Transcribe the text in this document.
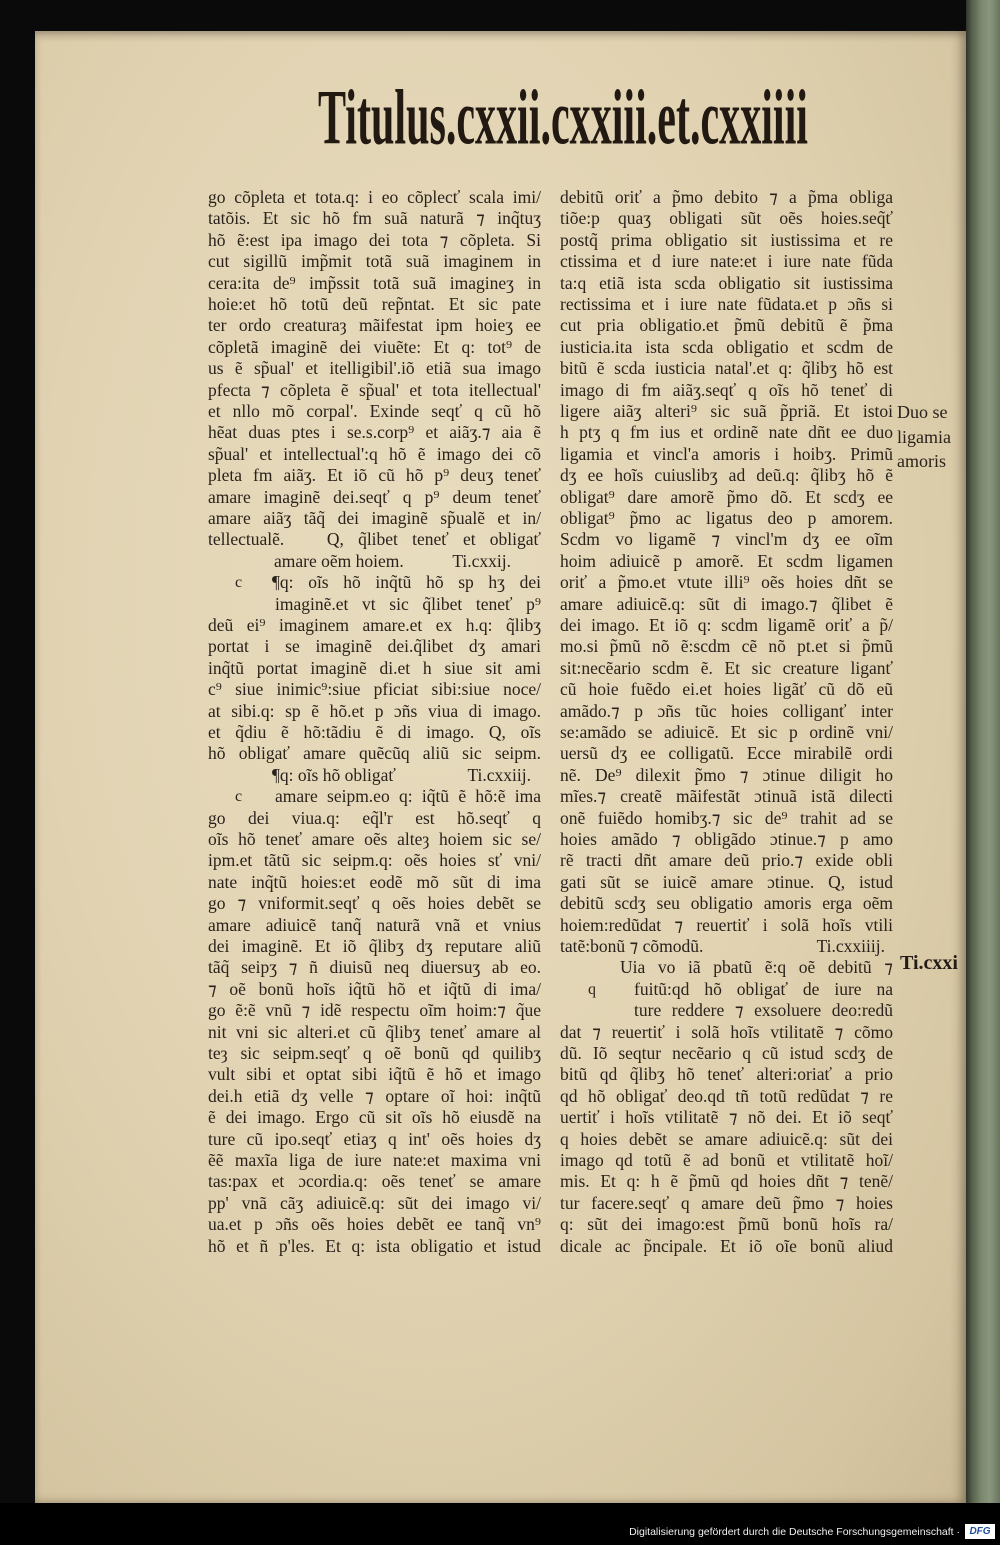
Titulus.cxxii.cxxiii.et.cxxiiii
go cõpleta et tota.q: i eo cõplecť scala imi/
tatõis. Et sic hõ fm suã naturã ⁊ inq̃tuʒ
hõ ẽ:est ipa imago dei tota ⁊ cõpleta. Si
cut sigillũ imp̃mit totã suã imaginem in
cera:ita de⁹ imp̃ssit totã suã imagineʒ in
hoie:et hõ totũ deũ rep̃ntat. Et sic pate
ter ordo creaturaȝ mãifestat ipm hoieʒ ee
cõpletã imaginẽ dei viuẽte: Et q: tot⁹ de
us ẽ sp̃ual' et itelligibil'.iõ etiã sua imago
pfecta ⁊ cõpleta ẽ sp̃ual' et tota itellectual'
et nllo mõ corpal'. Exinde seqť q cũ hõ
hẽat duas ptes i se.s.corp⁹ et aiãʒ.⁊ aia ẽ
sp̃ual' et intellectual':q hõ ẽ imago dei cõ
pleta fm aiãʒ. Et iõ cũ hõ p⁹ deuʒ teneť
amare imaginẽ dei.seqť q p⁹ deum teneť
amare aiãʒ tãq̃ dei imaginẽ sp̃ualẽ et in/
tellectualẽ.   Q, q̃libet teneť et obligať
amare oẽm hoiem.	Ti.cxxij.
c ¶q: oĩs hõ inq̃tũ hõ sp hʒ dei
imaginẽ.et vt sic q̃libet teneť p⁹
deũ ei⁹ imaginem amare.et ex h.q: q̃libʒ
portat i se imaginẽ dei.q̃libet dʒ amari
inq̃tũ portat imaginẽ di.et h siue sit ami
c⁹ siue inimic⁹:siue pficiat sibi:siue noce/
at sibi.q: sp ẽ hõ.et p ɔñs viua di imago.
et q̃diu ẽ hõ:tãdiu ẽ di imago. Q, oĩs
hõ obligať amare quẽcũq aliũ sic seipm.
¶q: oĩs hõ obligať	Ti.cxxiij.
c amare seipm.eo q: iq̃tũ ẽ hõ:ẽ ima
go dei viua.q: eq̃l'r est hõ.seqť q
oĩs hõ teneť amare oẽs alteȝ hoiem sic se/
ipm.et tãtũ sic seipm.q: oẽs hoies sť vni/
nate inq̃tũ hoies:et eodẽ mõ sũt di ima
go ⁊ vniformit.seqť q oẽs hoies debẽt se
amare adiuicẽ tanq̃ naturã vnã et vnius
dei imaginẽ. Et iõ q̃libʒ dʒ reputare aliũ
tãq̃ seipʒ ⁊ ñ diuisũ neq diuersuʒ ab eo.
⁊ oẽ bonũ hoĩs iq̃tũ hõ et iq̃tũ di ima/
go ẽ:ẽ vnũ ⁊ idẽ respectu oĩm hoim:⁊ q̃ue
nit vni sic alteri.et cũ q̃libʒ teneť amare al
teȝ sic seipm.seqť q oẽ bonũ qd quilibʒ
vult sibi et optat sibi iq̃tũ ẽ hõ et imago
dei.h etiã dʒ velle ⁊ optare oĩ hoi: inq̃tũ
ẽ dei imago. Ergo cũ sit oĩs hõ eiusdẽ na
ture cũ ipo.seqť etiaʒ q int' oẽs hoies dʒ
ẽẽ maxĩa liga de iure nate:et maxima vni
tas:pax et ɔcordia.q: oẽs teneť se amare
pp' vnã cãʒ adiuicẽ.q: sũt dei imago vi/
ua.et p ɔñs oẽs hoies debẽt ee tanq̃ vn⁹
hõ et ñ p'les. Et q: ista obligatio et istud
debitũ oriť a p̃mo debito ⁊ a p̃ma obliga
tiõe:p quaʒ obligati sũt oẽs hoies.seq̃ť
postq̃ prima obligatio sit iustissima et re
ctissima et d iure nate:et i iure nate fũda
ta:q etiã ista scda obligatio sit iustissima
rectissima et i iure nate fũdata.et p ɔñs si
cut pria obligatio.et p̃mũ debitũ ẽ p̃ma
iusticia.ita ista scda obligatio et scdm de
bitũ ẽ scda iusticia natal'.et q: q̃libʒ hõ est
imago di fm aiãʒ.seqť q oĩs hõ teneť di
ligere aiãʒ alteri⁹ sic suã p̃priã. Et istoi
h ptʒ q fm ius et ordinẽ nate dñt ee duo
ligamia et vincl'a amoris i hoibʒ. Primũ
dʒ ee hoĩs cuiuslibʒ ad deũ.q: q̃libʒ hõ ẽ
obligat⁹ dare amorẽ p̃mo dõ. Et scdʒ ee
obligat⁹ p̃mo ac ligatus deo p amorem.
Scdm vo ligamẽ ⁊ vincl'm dʒ ee oĩm
hoim adiuicẽ p amorẽ. Et scdm ligamen
oriť a p̃mo.et vtute illi⁹ oẽs hoies dñt se
amare adiuicẽ.q: sũt di imago.⁊ q̃libet ẽ
dei imago. Et iõ q: scdm ligamẽ oriť a p̃/
mo.si p̃mũ nõ ẽ:scdm cẽ nõ pt.et si p̃mũ
sit:necẽario scdm ẽ. Et sic creature liganť
cũ hoie fuẽdo ei.et hoies ligãť cũ dõ eũ
amãdo.⁊ p ɔñs tũc hoies colliganť inter
se:amãdo se adiuicẽ. Et sic p ordinẽ vni/
uersũ dʒ ee colligatũ. Ecce mirabilẽ ordi
nẽ. De⁹ dilexit p̃mo ⁊ ɔtinue diligit ho
mĩes.⁊ creatẽ mãifestãt ɔtinuã istã dilecti
onẽ fuiẽdo homibʒ.⁊ sic de⁹ trahit ad se
hoies amãdo ⁊ obligãdo ɔtinue.⁊ p amo
rẽ tracti dñt amare deũ prio.⁊ exide obli
gati sũt se iuicẽ amare ɔtinue. Q, istud
debitũ scdʒ seu obligatio amoris erga oẽm
hoiem:redũdat ⁊ reuertiť i solã hoĩs vtili
tatẽ:bonũ ⁊ cõmodũ.	Ti.cxxiiij.
Uia vo iã pbatũ ẽ:q oẽ debitũ ⁊
q fuitũ:qd hõ obligať de iure na
ture reddere ⁊ exsoluere deo:redũ
dat ⁊ reuertiť i solã hoĩs vtilitatẽ ⁊ cõmo
dũ. Iõ seqtur necẽario q cũ istud scdʒ de
bitũ qd q̃libʒ hõ teneť alteri:oriať a prio
qd hõ obligať deo.qd tñ totũ redũdat ⁊ re
uertiť i hoĩs vtilitatẽ ⁊ nõ dei. Et iõ seqť
q hoies debẽt se amare adiuicẽ.q: sũt dei
imago qd totũ ẽ ad bonũ et vtilitatẽ hoĩ/
mis. Et q: h ẽ p̃mũ qd hoies dñt ⁊ tenẽ/
tur facere.seqť q amare deũ p̃mo ⁊ hoies
q: sũt dei imago:est p̃mũ bonũ hoĩs ra/
dicale ac p̃ncipale. Et iõ oĩe bonũ aliud
Duo se
ligamia
amoris
Ti.cxxi
Digitalisierung gefördert durch die Deutsche Forschungsgemeinschaft · DFG
